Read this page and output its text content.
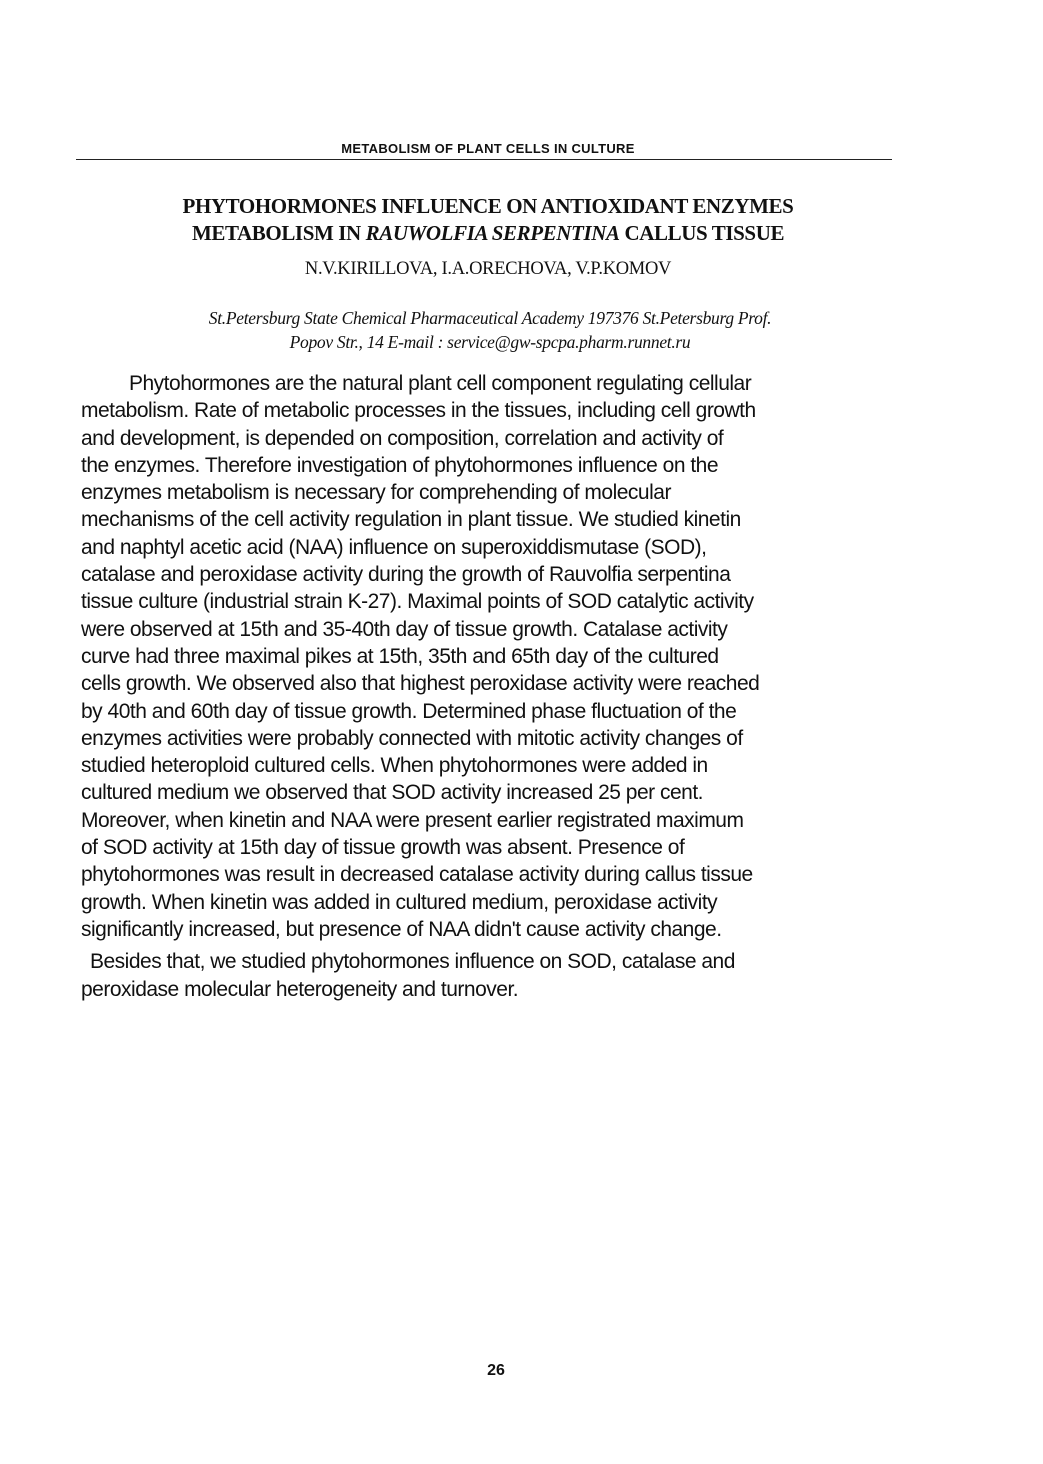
METABOLISM OF PLANT CELLS IN CULTURE
PHYTOHORMONES INFLUENCE ON ANTIOXIDANT ENZYMES
METABOLISM IN RAUWOLFIA SERPENTINA CALLUS TISSUE
N.V.KIRILLOVA, I.A.ORECHOVA, V.P.KOMOV
St.Petersburg State Chemical Pharmaceutical Academy 197376 St.Petersburg Prof.
Popov Str., 14 E-mail : service@gw-spcpa.pharm.runnet.ru
Phytohormones are the natural plant cell component regulating cellular
metabolism. Rate of metabolic processes in the tissues, including cell growth
and development, is depended on composition, correlation and activity of
the enzymes. Therefore investigation of phytohormones influence on the
enzymes metabolism is necessary for comprehending of molecular
mechanisms of the cell activity regulation in plant tissue. We studied kinetin
and naphtyl acetic acid (NAA) influence on superoxiddismutase (SOD),
catalase and peroxidase activity during the growth of Rauvolfia serpentina
tissue culture (industrial strain K-27). Maximal points of SOD catalytic activity
were observed at 15th and 35-40th day of tissue growth. Catalase activity
curve had three maximal pikes at 15th, 35th and 65th day of the cultured
cells growth. We observed also that highest peroxidase activity were reached
by 40th and 60th day of tissue growth. Determined phase fluctuation of the
enzymes activities were probably connected with mitotic activity changes of
studied heteroploid cultured cells. When phytohormones were added in
cultured medium we observed that SOD activity increased 25 per cent.
Moreover, when kinetin and NAA were present earlier registrated maximum
of SOD activity at 15th day of tissue growth was absent. Presence of
phytohormones was result in decreased catalase activity during callus tissue
growth. When kinetin was added in cultured medium, peroxidase activity
significantly increased, but presence of NAA didn't cause activity change.
Besides that, we studied phytohormones influence on SOD, catalase and
peroxidase molecular heterogeneity and turnover.
26
